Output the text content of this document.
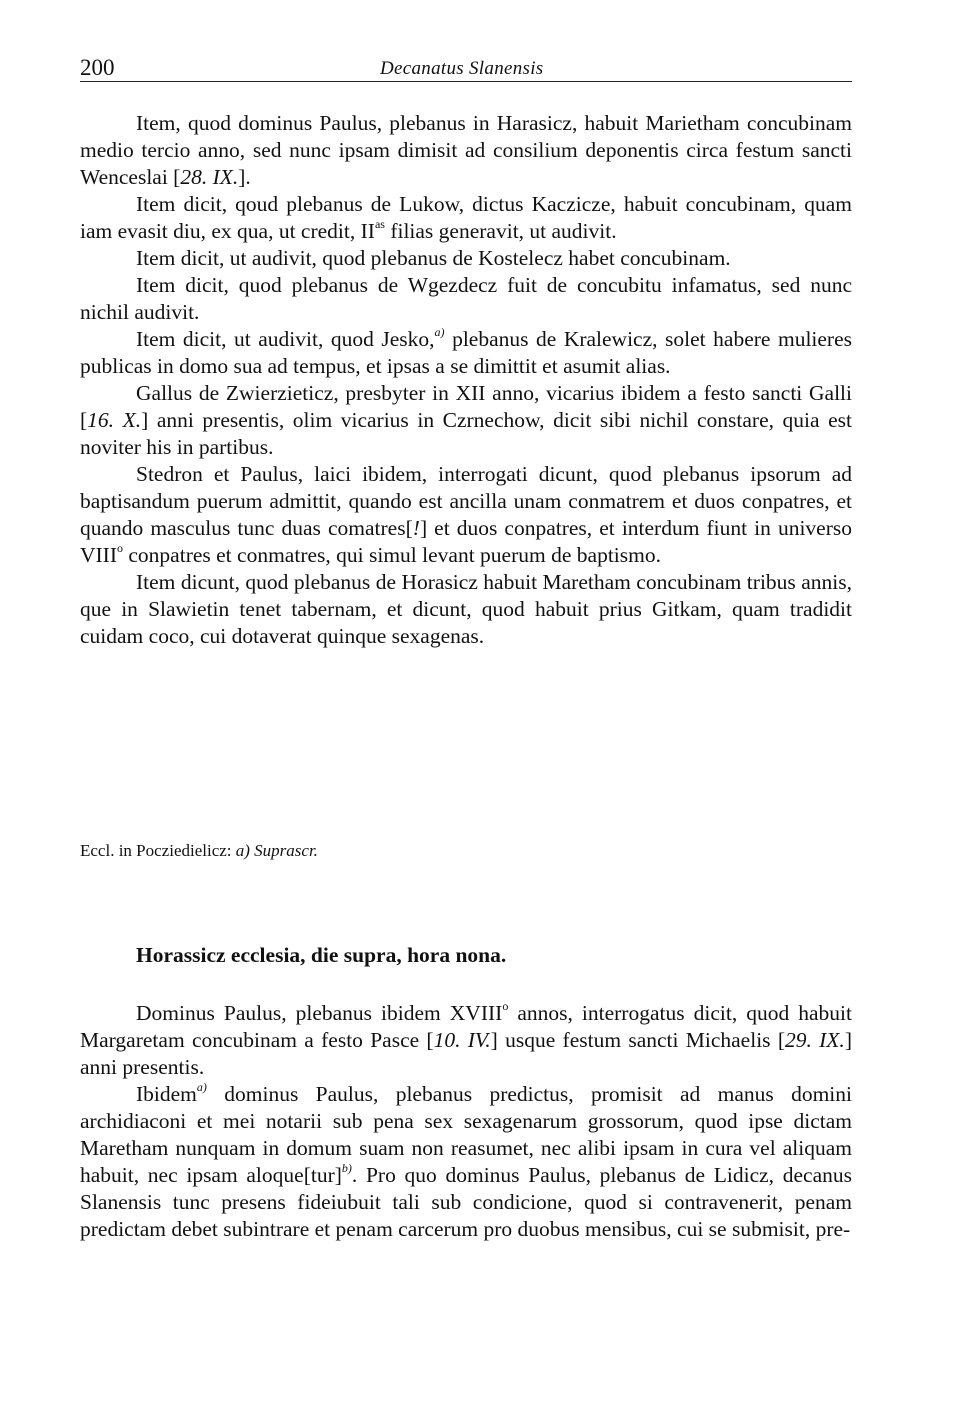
200	Decanatus Slanensis

Item, quod dominus Paulus, plebanus in Harasicz, habuit Marietham concubinam medio tercio anno, sed nunc ipsam dimisit ad consilium deponentis circa festum sancti Wenceslai [28. IX.].

Item dicit, qoud plebanus de Lukow, dictus Kaczicze, habuit concubinam, quam iam evasit diu, ex qua, ut credit, $II^{as}$ filias generavit, ut audivit.

Item dicit, ut audivit, quod plebanus de Kostelecz habet concubinam.

Item dicit, quod plebanus de Wgezdecz fuit de concubitu infamatus, sed nunc nichil audivit.

Item dicit, ut audivit, quod Jesko,$^{a)}$ plebanus de Kralewicz, solet habere mulieres publicas in domo sua ad tempus, et ipsas a se dimittit et asumit alias.

Gallus de Zwierzieticz, presbyter in XII anno, vicarius ibidem a festo sancti Galli [16. X.] anni presentis, olim vicarius in Czrnechow, dicit sibi nichil constare, quia est noviter his in partibus.

Stedron et Paulus, laici ibidem, interrogati dicunt, quod plebanus ipsorum ad baptisandum puerum admittit, quando est ancilla unam conmatrem et duos conpatres, et quando masculus tunc duas comatres[!] et duos conpatres, et interdum fiunt in universo VIII$^o$ conpatres et conmatres, qui simul levant puerum de baptismo.

Item dicunt, quod plebanus de Horasicz habuit Maretham concubinam tribus annis, que in Slawietin tenet tabernam, et dicunt, quod habuit prius Gitkam, quam tradidit cuidam coco, cui dotaverat quinque sexagenas.

Eccl. in Pocziedielicz: a) Suprascr.
Horassicz ecclesia, die supra, hora nona.

Dominus Paulus, plebanus ibidem XVIII$^o$ annos, interrogatus dicit, quod habuit Margaretam concubinam a festo Pasce [10. IV.] usque festum sancti Michaelis [29. IX.] anni presentis.

Ibidem$^{a)}$ dominus Paulus, plebanus predictus, promisit ad manus domini archidiaconi et mei notarii sub pena sex sexagenarum grossorum, quod ipse dictam Maretham nunquam in domum suam non reasumet, nec alibi ipsam in cura vel aliquam habuit, nec ipsam aloque[tur]$^{b)}$. Pro quo dominus Paulus, plebanus de Lidicz, decanus Slanensis tunc presens fideiubuit tali sub condicione, quod si contravenerit, penam predictam debet subintrare et penam carcerum pro duobus mensibus, cui se submisit, pre-
